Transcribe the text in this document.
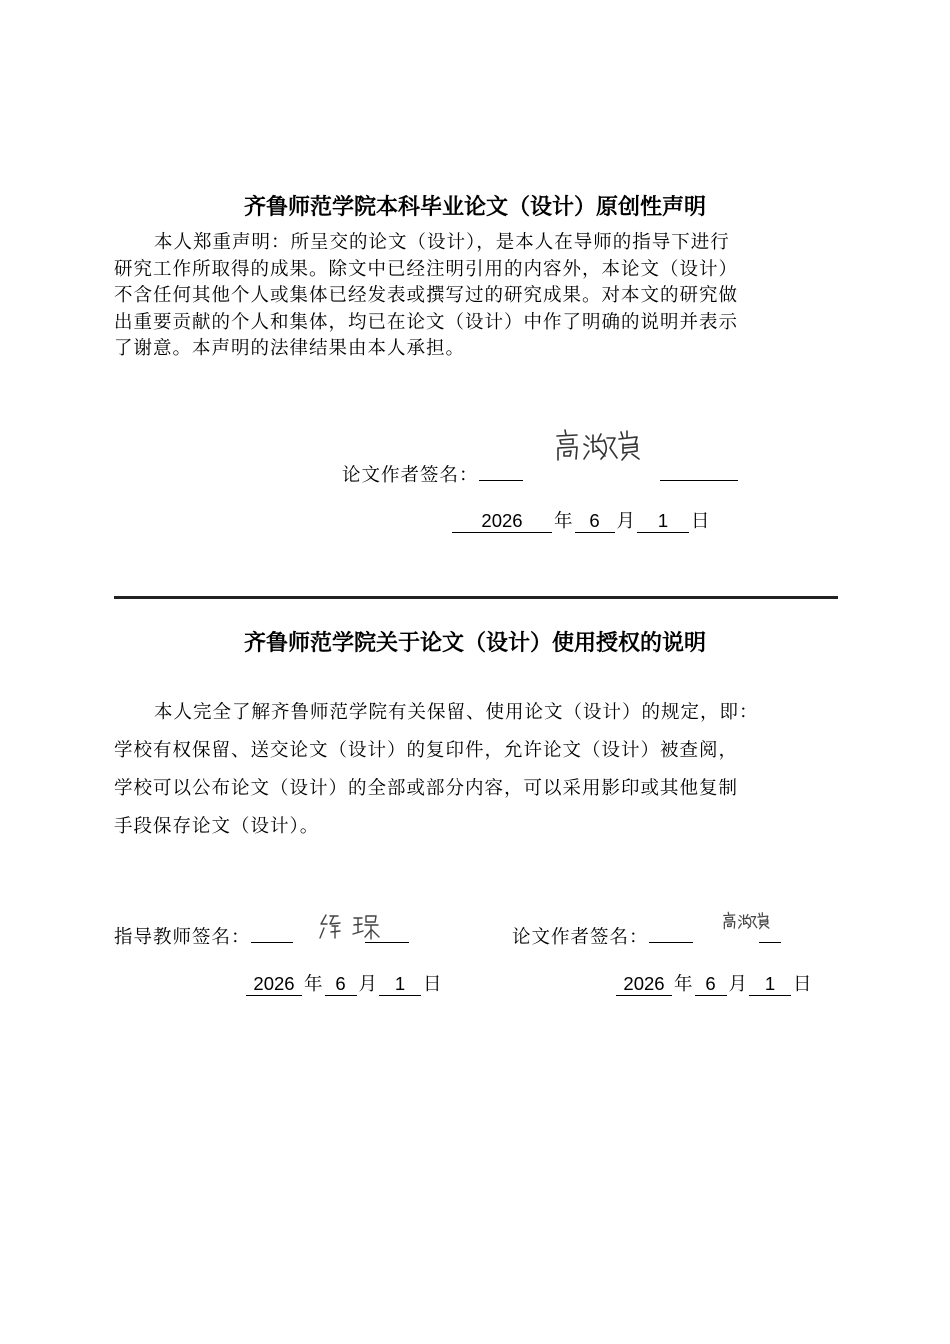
齐鲁师范学院本科毕业论文（设计）原创性声明

本人郑重声明：所呈交的论文（设计），是本人在导师的指导下进行

研究工作所取得的成果。除文中已经注明引用的内容外，本论文（设计）

不含任何其他个人或集体已经发表或撰写过的研究成果。对本文的研究做

出重要贡献的个人和集体，均已在论文（设计）中作了明确的说明并表示

了谢意。本声明的法律结果由本人承担。

论文作者签名：
2026 年 6 月 1 日
齐鲁师范学院关于论文（设计）使用授权的说明

本人完全了解齐鲁师范学院有关保留、使用论文（设计）的规定，即：

学校有权保留、送交论文（设计）的复印件，允许论文（设计）被查阅，

学校可以公布论文（设计）的全部或部分内容，可以采用影印或其他复制

手段保存论文（设计）。

指导教师签名：	论文作者签名：
2026 年 6 月 1 日	2026 年 6 月 1 日
